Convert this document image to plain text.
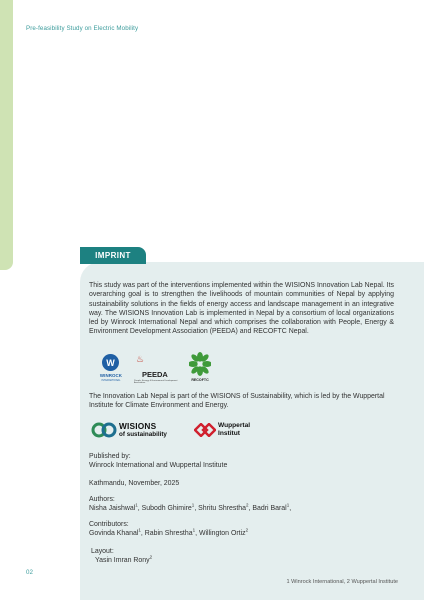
Pre-feasibility Study on Electric Mobility
IMPRINT

This study was part of the interventions implemented within the WISIONS Innovation Lab Nepal. Its overarching goal is to strengthen the livelihoods of mountain communities of Nepal by applying sustainability solutions in the fields of energy access and landscape management in an integrative way. The WISIONS Innovation Lab is implemented in Nepal by a consortium of local organizations led by Winrock International Nepal and which comprises the collaboration with People, Energy & Environment Development Association (PEEDA) and RECOFTC Nepal.

W
WINROCK
INTERNATIONAL
♨
PEEDA
People, Energy & Environment Development Association
RECOFTC

The Innovation Lab Nepal is part of the WISIONS of Sustainability, which is led by the Wuppertal Institute for Climate Environment and Energy.

WISIONS
of sustainability
Wuppertal
Institut
Published by:
Winrock International and Wuppertal Institute
Kathmandu, November, 2025
Authors:
Nisha Jaishwal$^1$, Subodh Ghimire$^1$, Shritu Shrestha$^2$, Badri Baral$^1$,
Contributors:
Govinda Khanal$^1$, Rabin Shrestha$^1$, Willington Ortiz$^2$
Layout:
Yasin Imran Rony$^2$
02
1 Winrock International, 2 Wuppertal Institute
